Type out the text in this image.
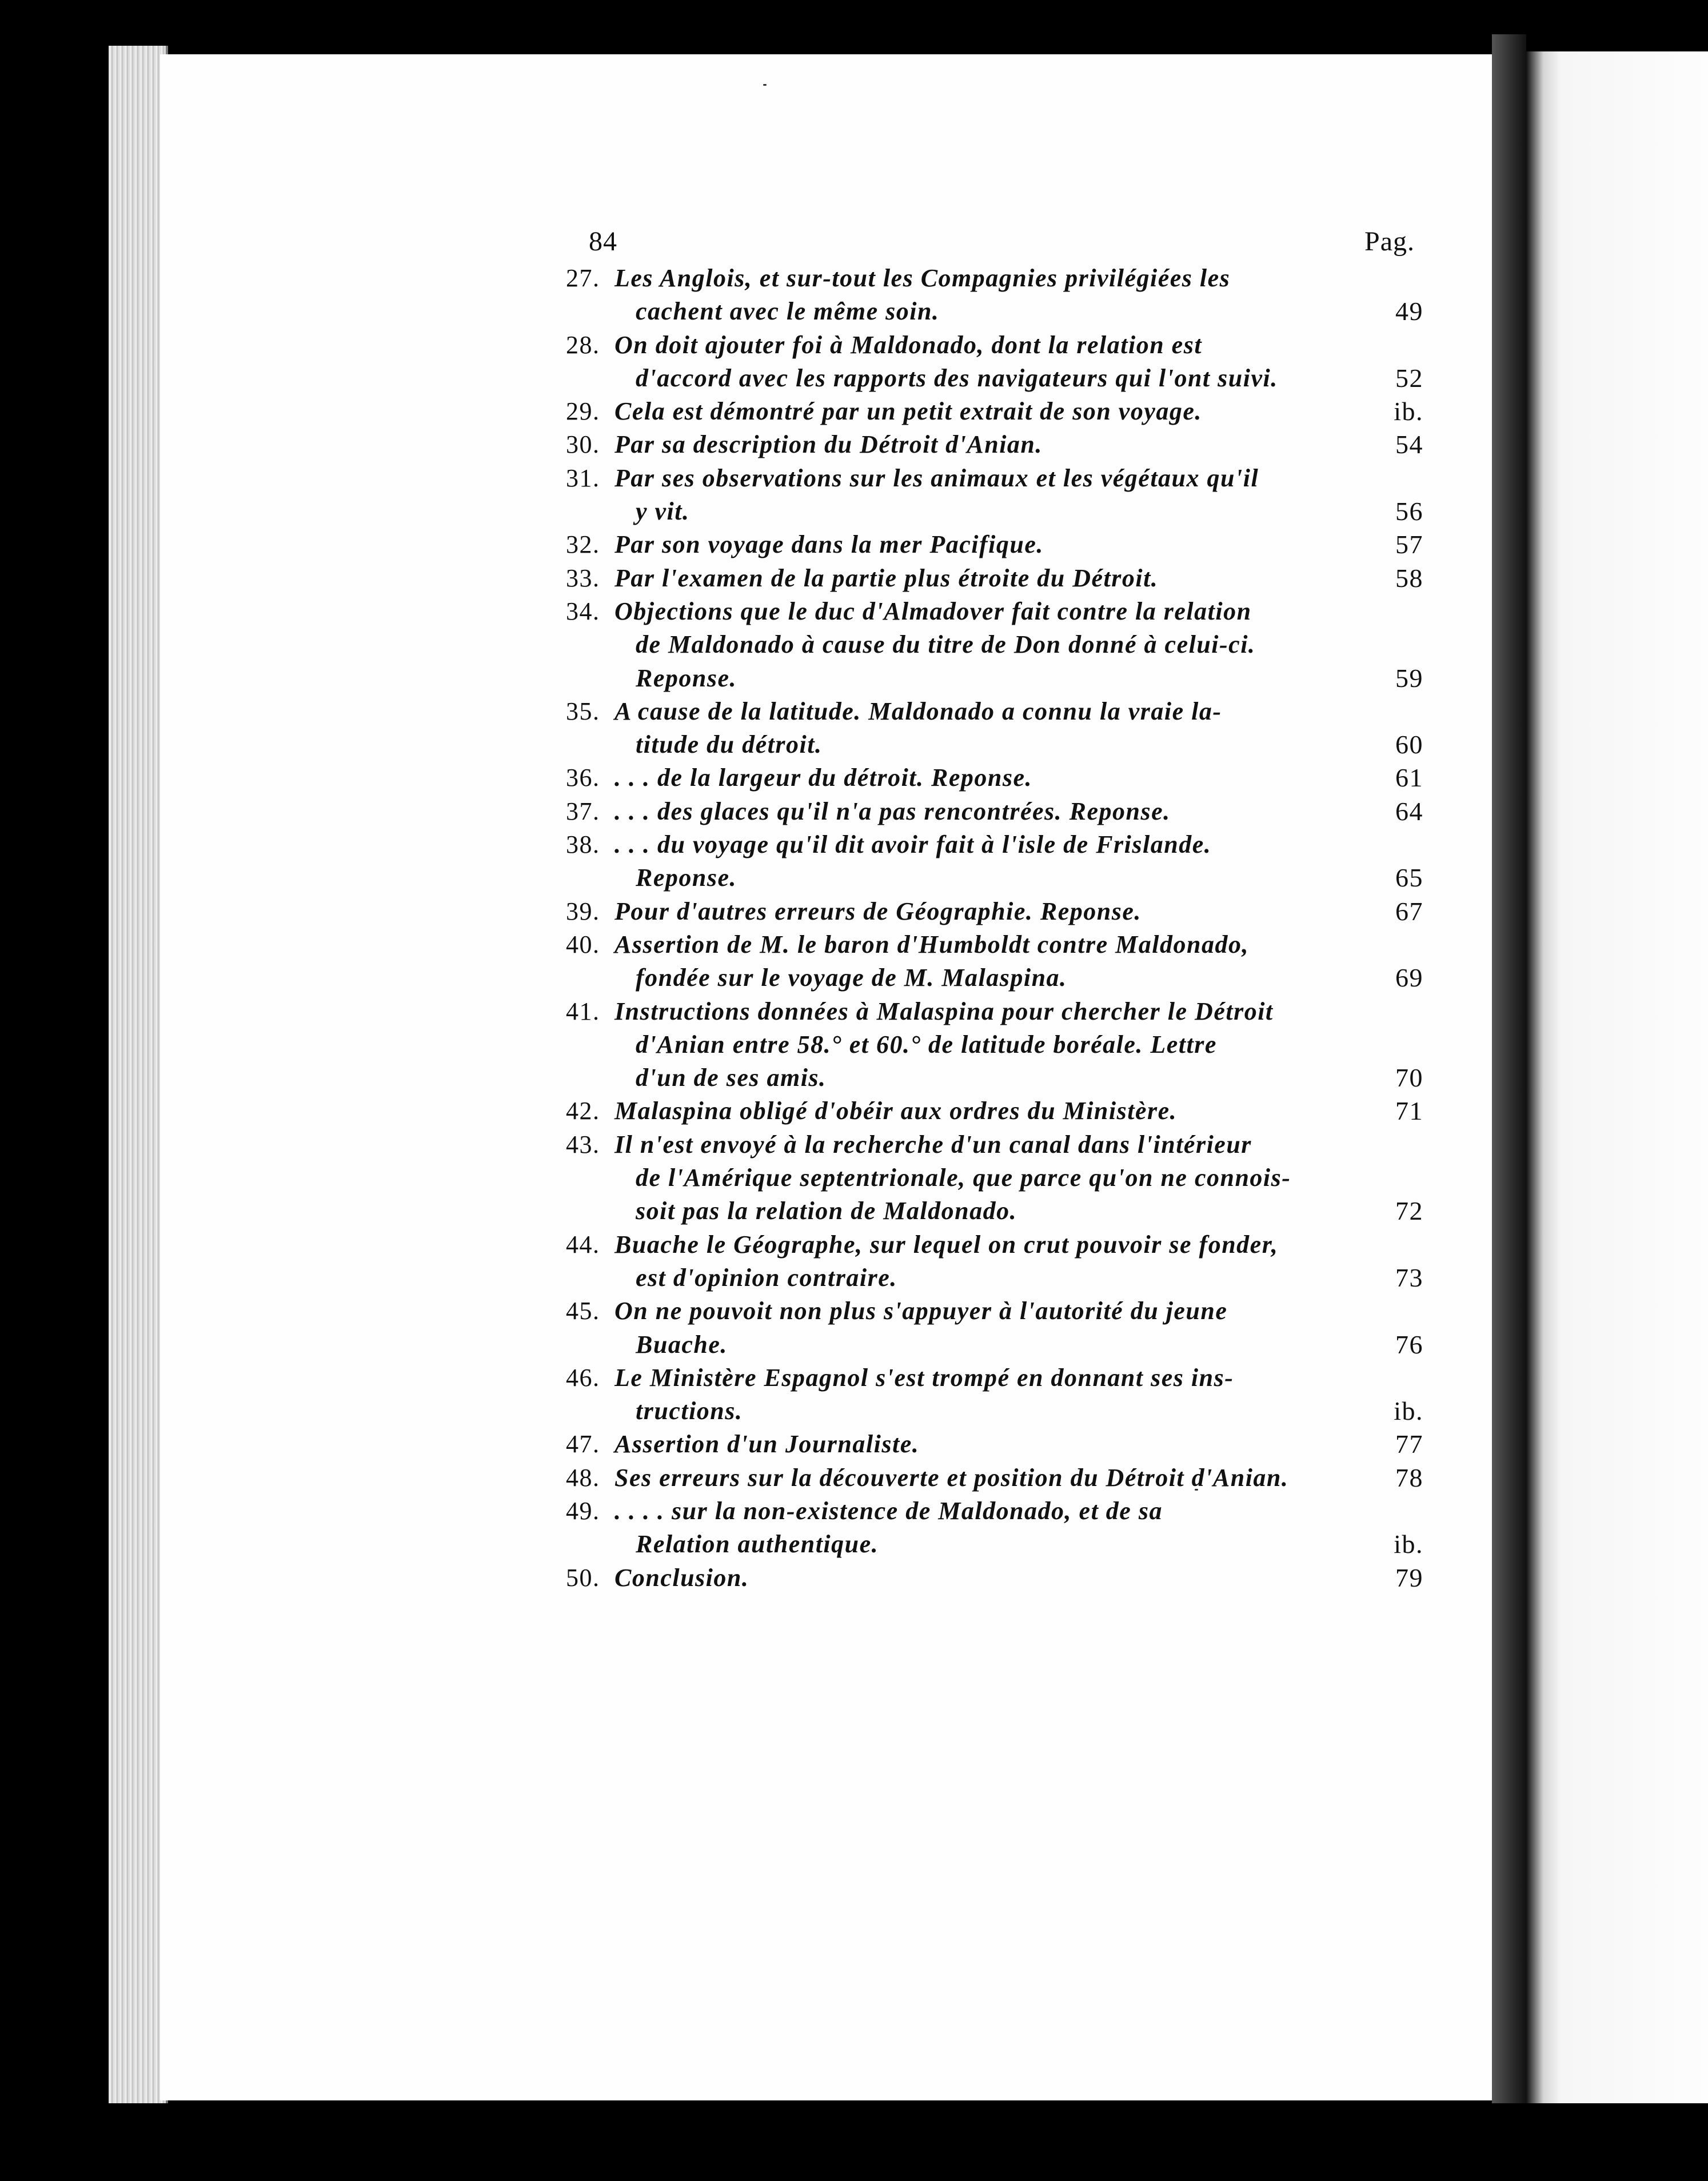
84	Pag.
27. Les Anglois, et sur-tout les Compagnies privilégiées les
cachent avec le même soin.	49
28. On doit ajouter foi à Maldonado, dont la relation est
d'accord avec les rapports des navigateurs qui l'ont suivi.	52
29. Cela est démontré par un petit extrait de son voyage.	ib.
30. Par sa description du Détroit d'Anian.	54
31. Par ses observations sur les animaux et les végétaux qu'il
y vit.	56
32. Par son voyage dans la mer Pacifique.	57
33. Par l'examen de la partie plus étroite du Détroit.	58
34. Objections que le duc d'Almadover fait contre la relation
de Maldonado à cause du titre de Don donné à celui-ci.
Reponse.	59
35. A cause de la latitude. Maldonado a connu la vraie la-
titude du détroit.	60
36. . . . de la largeur du détroit. Reponse.	61
37. . . . des glaces qu'il n'a pas rencontrées. Reponse.	64
38. . . . du voyage qu'il dit avoir fait à l'isle de Frislande.
Reponse.	65
39. Pour d'autres erreurs de Géographie. Reponse.	67
40. Assertion de M. le baron d'Humboldt contre Maldonado,
fondée sur le voyage de M. Malaspina.	69
41. Instructions données à Malaspina pour chercher le Détroit
d'Anian entre 58.° et 60.° de latitude boréale. Lettre
d'un de ses amis.	70
42. Malaspina obligé d'obéir aux ordres du Ministère.	71
43. Il n'est envoyé à la recherche d'un canal dans l'intérieur
de l'Amérique septentrionale, que parce qu'on ne connois-
soit pas la relation de Maldonado.	72
44. Buache le Géographe, sur lequel on crut pouvoir se fonder,
est d'opinion contraire.	73
45. On ne pouvoit non plus s'appuyer à l'autorité du jeune
Buache.	76
46. Le Ministère Espagnol s'est trompé en donnant ses ins-
tructions.	ib.
47. Assertion d'un Journaliste.	77
48. Ses erreurs sur la découverte et position du Détroit d'Anian.	78
49. . . . . sur la non-existence de Maldonado, et de sa
Relation authentique.	ib.
50. Conclusion.	79
